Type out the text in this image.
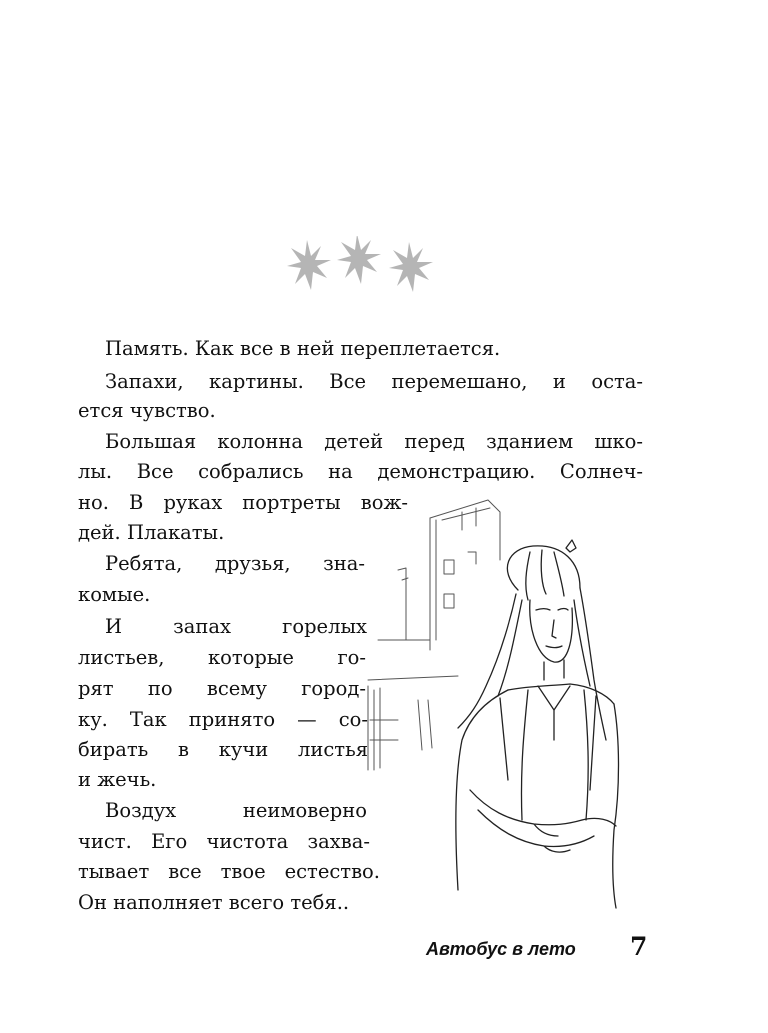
Память. Как все в ней переплетается.
Запахи, картины. Все перемешано, и оста-
ется чувство.
Большая колонна детей перед зданием шко-
лы. Все собрались на демонстрацию. Солнеч-
но. В руках портреты вож-
дей. Плакаты.
Ребята, друзья, зна-
комые.
И запах горелых
листьев, которые го-
рят по всему город-
ку. Так принято — со-
бирать в кучи листья
и жечь.
Воздух неимоверно
чист. Его чистота захва-
тывает все твое естество.
Он наполняет всего тебя..
Автобус в лето 7
